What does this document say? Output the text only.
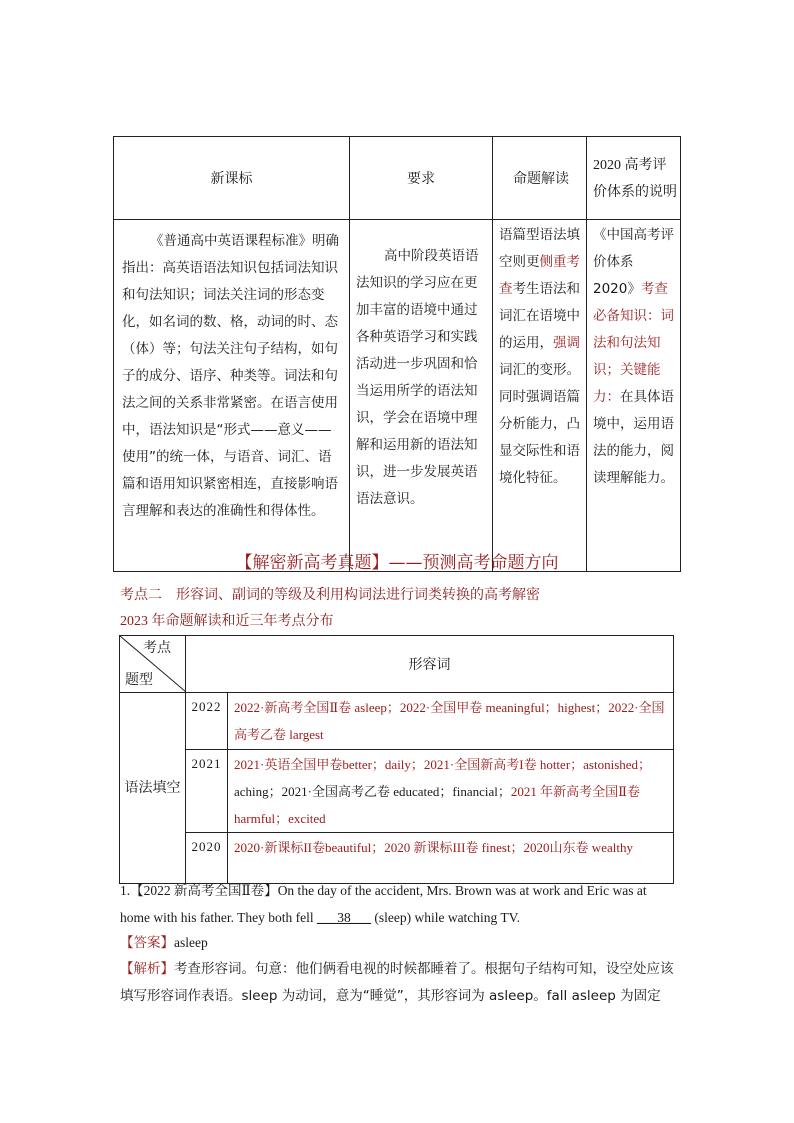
新课标	要求	命题解读	2020 高考评价体系的说明
《普通高中英语课程标准》明确指出：高英语语法知识包括词法知识和句法知识；词法关注词的形态变化，如名词的数、格，动词的时、态（体）等；句法关注句子结构，如句子的成分、语序、种类等。词法和句法之间的关系非常紧密。在语言使用中，语法知识是“形式——意义——使用”的统一体，与语音、词汇、语篇和语用知识紧密相连，直接影响语言理解和表达的准确性和得体性。	高中阶段英语语法知识的学习应在更加丰富的语境中通过各种英语学习和实践活动进一步巩固和恰当运用所学的语法知识，学会在语境中理解和运用新的语法知识，进一步发展英语语法意识。	语篇型语法填空则更侧重考查考生语法和词汇在语境中的运用，强调词汇的变形。同时强调语篇分析能力，凸显交际性和语境化特征。	《中国高考评价体系 2020》考查必备知识：词法和句法知识；关键能力：在具体语境中，运用语法的能力，阅读理解能力。
【解密新高考真题】——预测高考命题方向
考点二　形容词、副词的等级及利用构词法进行词类转换的高考解密
2023 年命题解读和近三年考点分布
考点
题型	形容词	
语法填空	2022	2022·新高考全国Ⅱ卷 asleep；2022·全国甲卷 meaningful；highest；2022·全国高考乙卷 largest
	2021	2021·英语全国甲卷better；daily；2021·全国新高考I卷 hotter；astonished；aching；2021·全国高考乙卷 educated；financial；2021 年新高考全国Ⅱ卷 harmful；excited
	2020	2020·新课标II卷beautiful；2020 新课标III卷 finest；2020山东卷 wealthy
1.【2022 新高考全国Ⅱ卷】On the day of the accident, Mrs. Brown was at work and Eric was at home with his father. They both fell ___38___ (sleep) while watching TV.
【答案】asleep
【解析】考查形容词。句意：他们俩看电视的时候都睡着了。根据句子结构可知，设空处应该填写形容词作表语。sleep 为动词，意为“睡觉”，其形容词为 asleep。fall asleep 为固定
